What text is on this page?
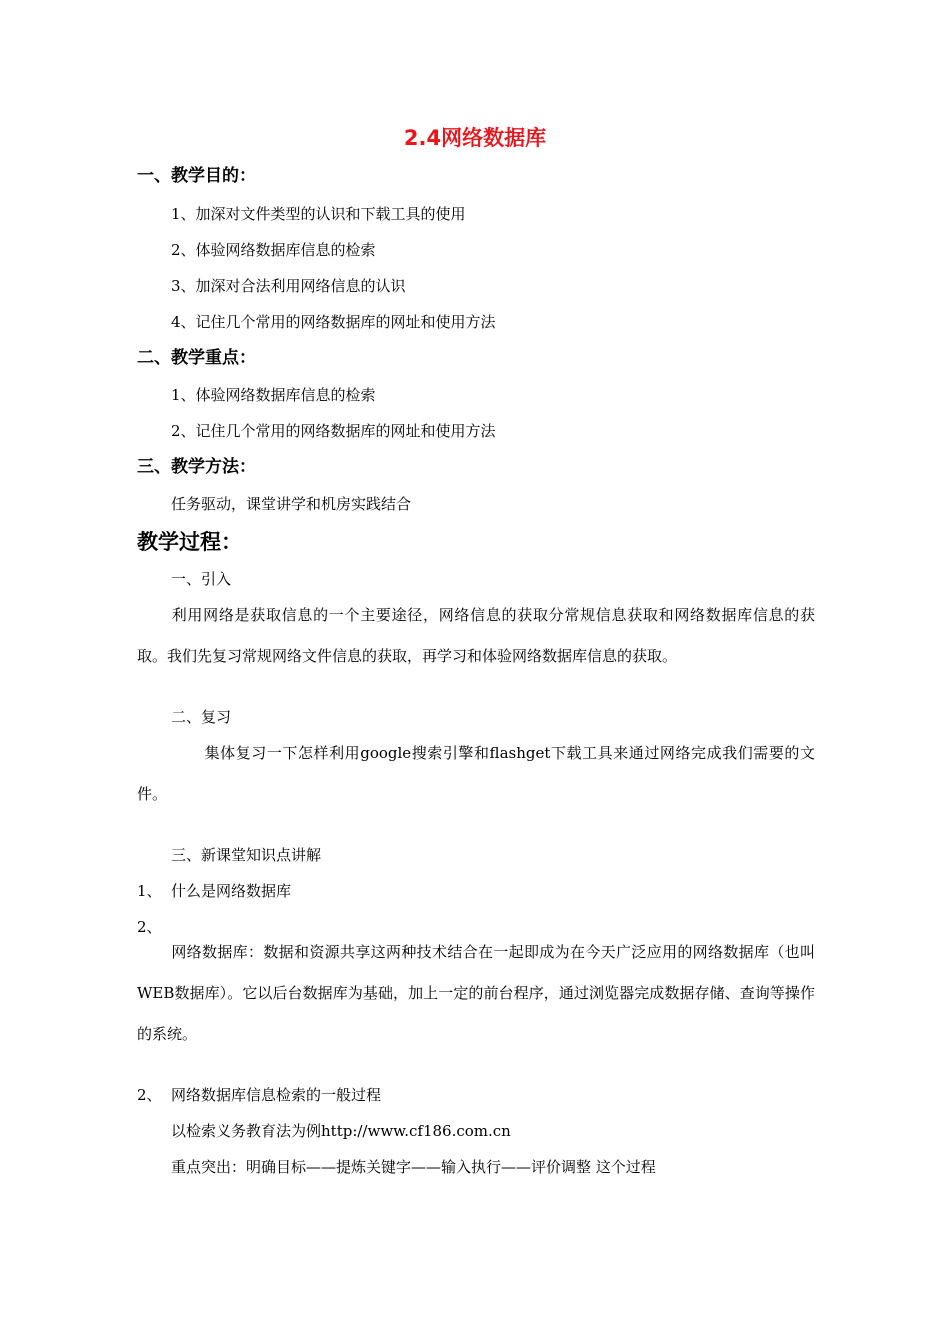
2.4网络数据库
一、教学目的：
1、加深对文件类型的认识和下载工具的使用
2、体验网络数据库信息的检索
3、加深对合法利用网络信息的认识
4、记住几个常用的网络数据库的网址和使用方法
二、教学重点：
1、体验网络数据库信息的检索
2、记住几个常用的网络数据库的网址和使用方法
三、教学方法：
任务驱动，课堂讲学和机房实践结合
教学过程：
一、引入
利用网络是获取信息的一个主要途径，网络信息的获取分常规信息获取和网络数据库信息的获取。我们先复习常规网络文件信息的获取，再学习和体验网络数据库信息的获取。
二、复习
集体复习一下怎样利用google搜索引擎和flashget下载工具来通过网络完成我们需要的文件。
三、新课堂知识点讲解
1、 什么是网络数据库
2、
网络数据库：数据和资源共享这两种技术结合在一起即成为在今天广泛应用的网络数据库（也叫WEB数据库）。它以后台数据库为基础，加上一定的前台程序，通过浏览器完成数据存储、查询等操作的系统。
2、 网络数据库信息检索的一般过程
以检索义务教育法为例http://www.cf186.com.cn
重点突出：明确目标——提炼关键字——输入执行——评价调整 这个过程
